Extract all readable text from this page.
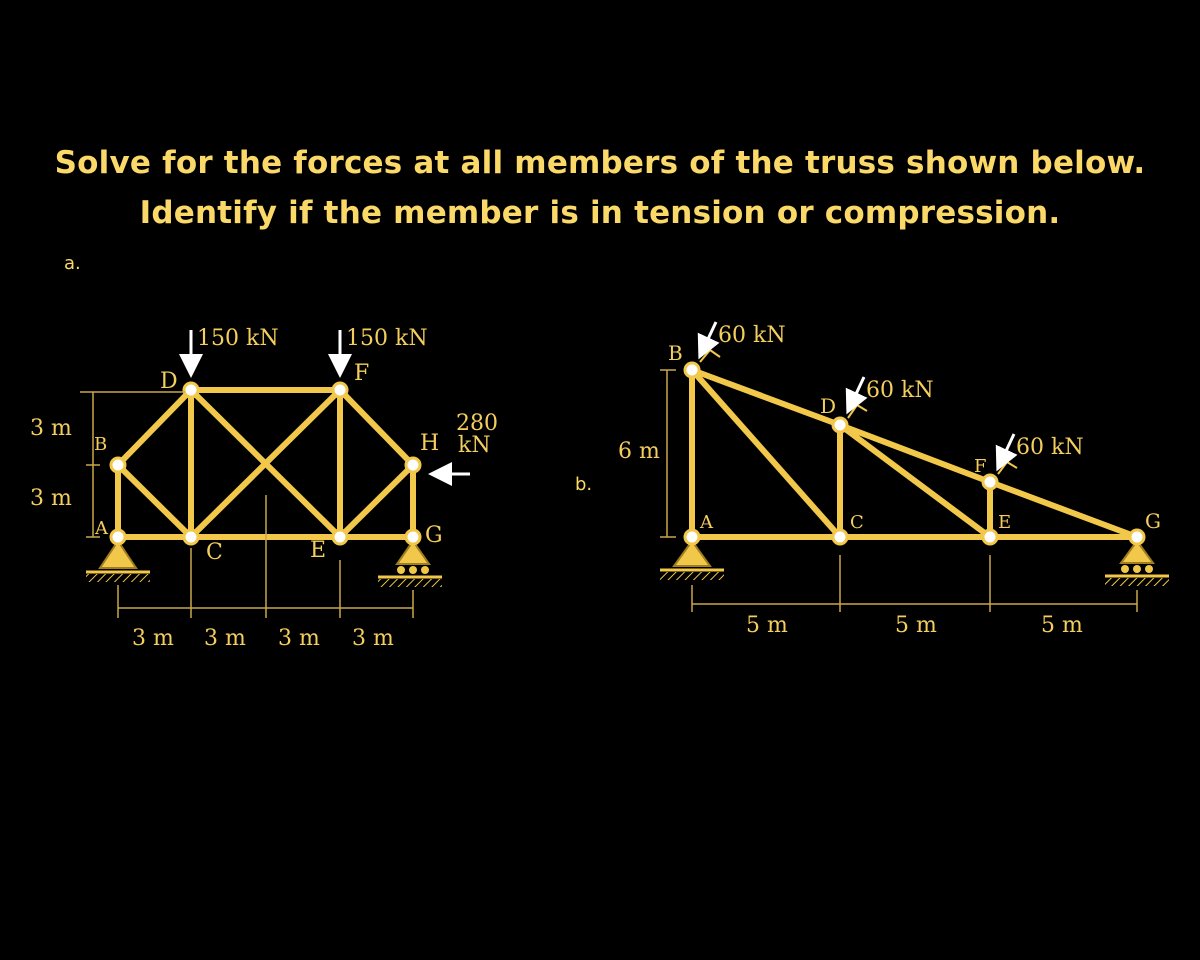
Solve for the forces at all members of the truss shown below.
Identify if the member is in tension or compression.
a.
b.
A
B
C
D
E
F
G
H
150 kN	150 kN
280
kN
3 m
3 m
3 m 3 m 3 m 3 m
A
B
C
D
E
F
G
60 kN
60 kN
60 kN
6 m
5 m	5 m	5 m
